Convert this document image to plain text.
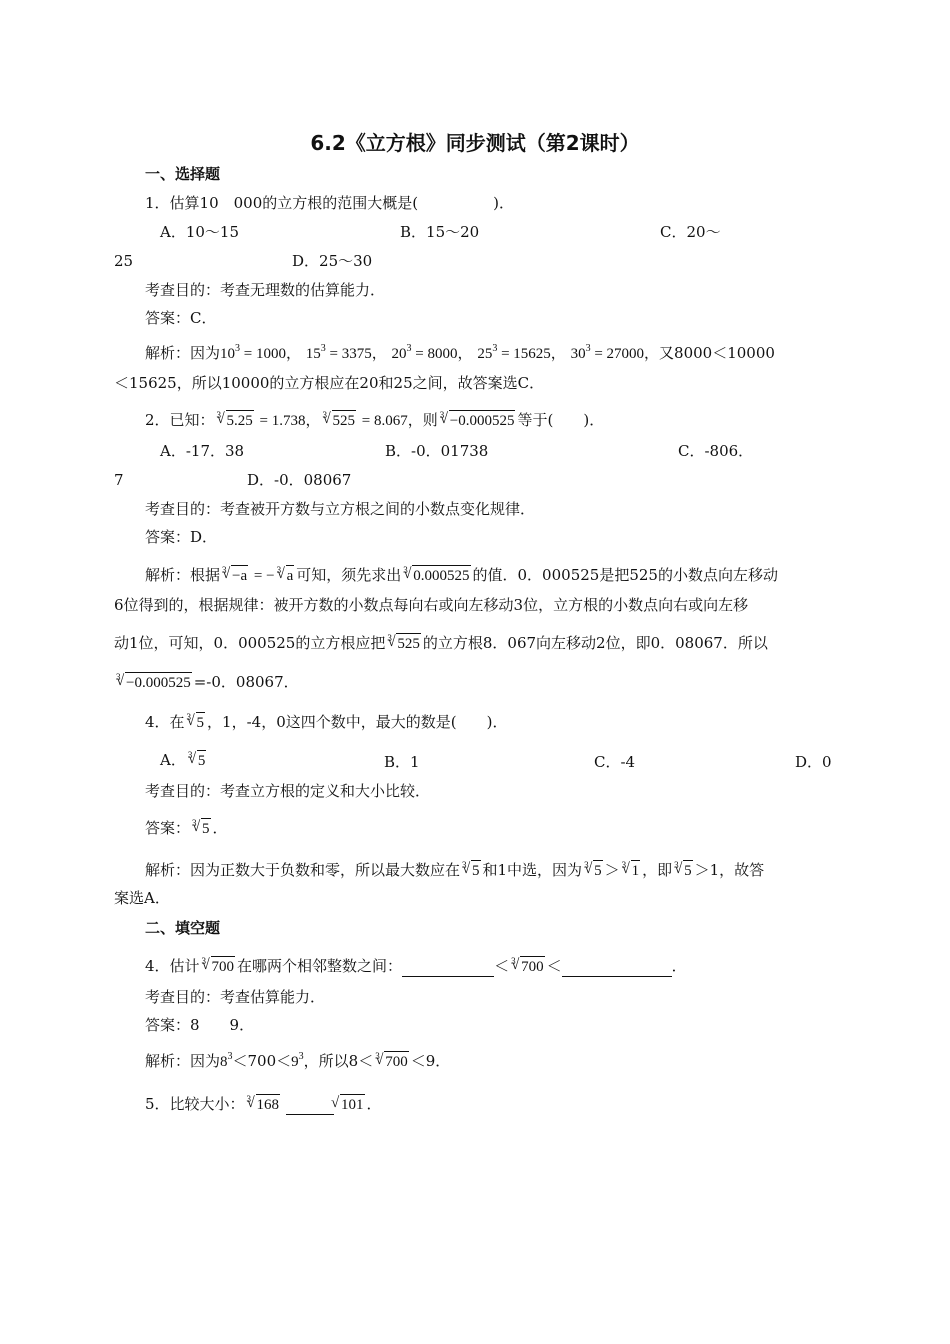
6.2《立方根》同步测试（第2课时）
一、选择题
1．估算10　000的立方根的范围大概是(　　　　　)．
A．10～15	B．15～20	C．20～
25	D．25～30
考查目的：考查无理数的估算能力．
答案：C．
解析：因为$10^3 = 1000$， $15^3 = 3375$， $20^3 = 8000$， $25^3 = 15625$， $30^3 = 27000$，又8000＜10000
＜15625，所以10000的立方根应在20和25之间，故答案选C．
2．已知： 3 √ 5.25 = 1.738， 3 √ 525 = 8.067，则 3 √ −0.000525 等于(　　)．
A．-17．38	B．-0．01738	C．-806．
7	D．-0．08067
考查目的：考查被开方数与立方根之间的小数点变化规律．
答案：D．
解析：根据 3 √ −a = − 3 √ a 可知，须先求出 3 √ 0.000525 的值．0．000525是把525的小数点向左移动
6位得到的，根据规律：被开方数的小数点每向右或向左移动3位，立方根的小数点向右或向左移
动1位，可知，0．000525的立方根应把 3 √ 525 的立方根8．067向左移动2位，即0．08067．所以
3 √ −0.000525 =-0．08067．
4．在 3 √ 5 ，1，-4，0这四个数中，最大的数是(　　)．
A． 3 √ 5	B．1	C．-4	D．0
考查目的：考查立方根的定义和大小比较．
答案： 3 √ 5 ．
解析：因为正数大于负数和零，所以最大数应在 3 √ 5 和1中选，因为 3 √ 5 ＞ 3 √ 1 ，即 3 √ 5 ＞1，故答
案选A．
二、填空题
4．估计 3 √ 700 在哪两个相邻整数之间：	＜ 3 √ 700 ＜	．
考查目的：考查估算能力．
答案：8　　9．
解析：因为$8^3<700<9^3$，所以8＜ 3 √ 700 ＜9．
5．比较大小： 3 √ 168	√ 101 ．
